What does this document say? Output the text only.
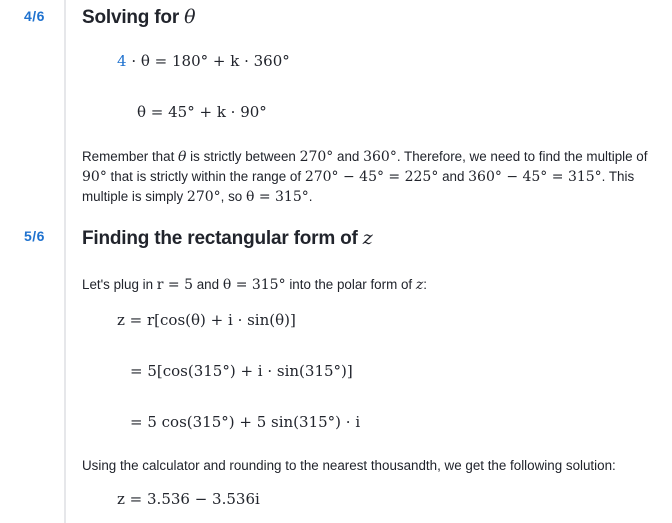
4/6 Solving for θ
4 · θ = 180° + k · 360°
θ = 45° + k · 90°
Remember that θ is strictly between 270° and 360°. Therefore, we need to find the multiple of 90° that is strictly within the range of 270° − 45° = 225° and 360° − 45° = 315°. This multiple is simply 270°, so θ = 315°.
5/6 Finding the rectangular form of z
Let's plug in r = 5 and θ = 315° into the polar form of z:
z = r[cos(θ) + i · sin(θ)]
= 5[cos(315°) + i · sin(315°)]
= 5 cos(315°) + 5 sin(315°) · i
Using the calculator and rounding to the nearest thousandth, we get the following solution:
z = 3.536 − 3.536i
